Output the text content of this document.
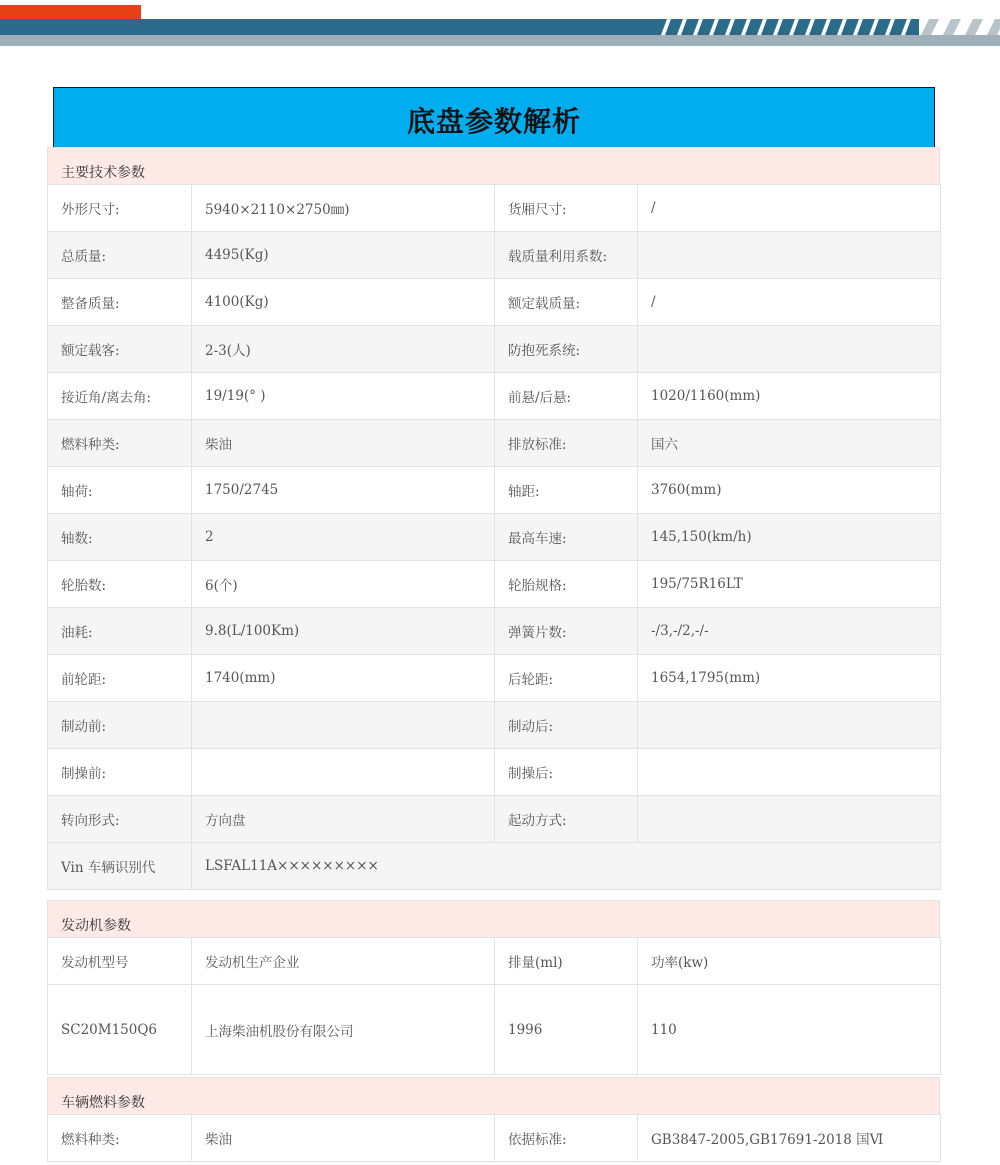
底盘参数解析
主要技术参数
外形尺寸:	5940×2110×2750㎜)	货厢尺寸:	/
总质量:	4495(Kg)	载质量利用系数:	
整备质量:	4100(Kg)	额定载质量:	/
额定载客:	2-3(人)	防抱死系统:	
接近角/离去角:	19/19(° )	前悬/后悬:	1020/1160(mm)
燃料种类:	柴油	排放标准:	国六
轴荷:	1750/2745	轴距:	3760(mm)
轴数:	2	最高车速:	145,150(km/h)
轮胎数:	6(个)	轮胎规格:	195/75R16LT
油耗:	9.8(L/100Km)	弹簧片数:	-/3,-/2,-/-
前轮距:	1740(mm)	后轮距:	1654,1795(mm)
制动前:		制动后:	
制操前:		制操后:	
转向形式:	方向盘	起动方式:	
Vin 车辆识别代	LSFAL11A×××××××××		
发动机参数
发动机型号	发动机生产企业	排量(ml)	功率(kw)
SC20M150Q6	上海柴油机股份有限公司	1996	110
车辆燃料参数
燃料种类:	柴油	依据标准:	GB3847-2005,GB17691-2018 国Ⅵ
